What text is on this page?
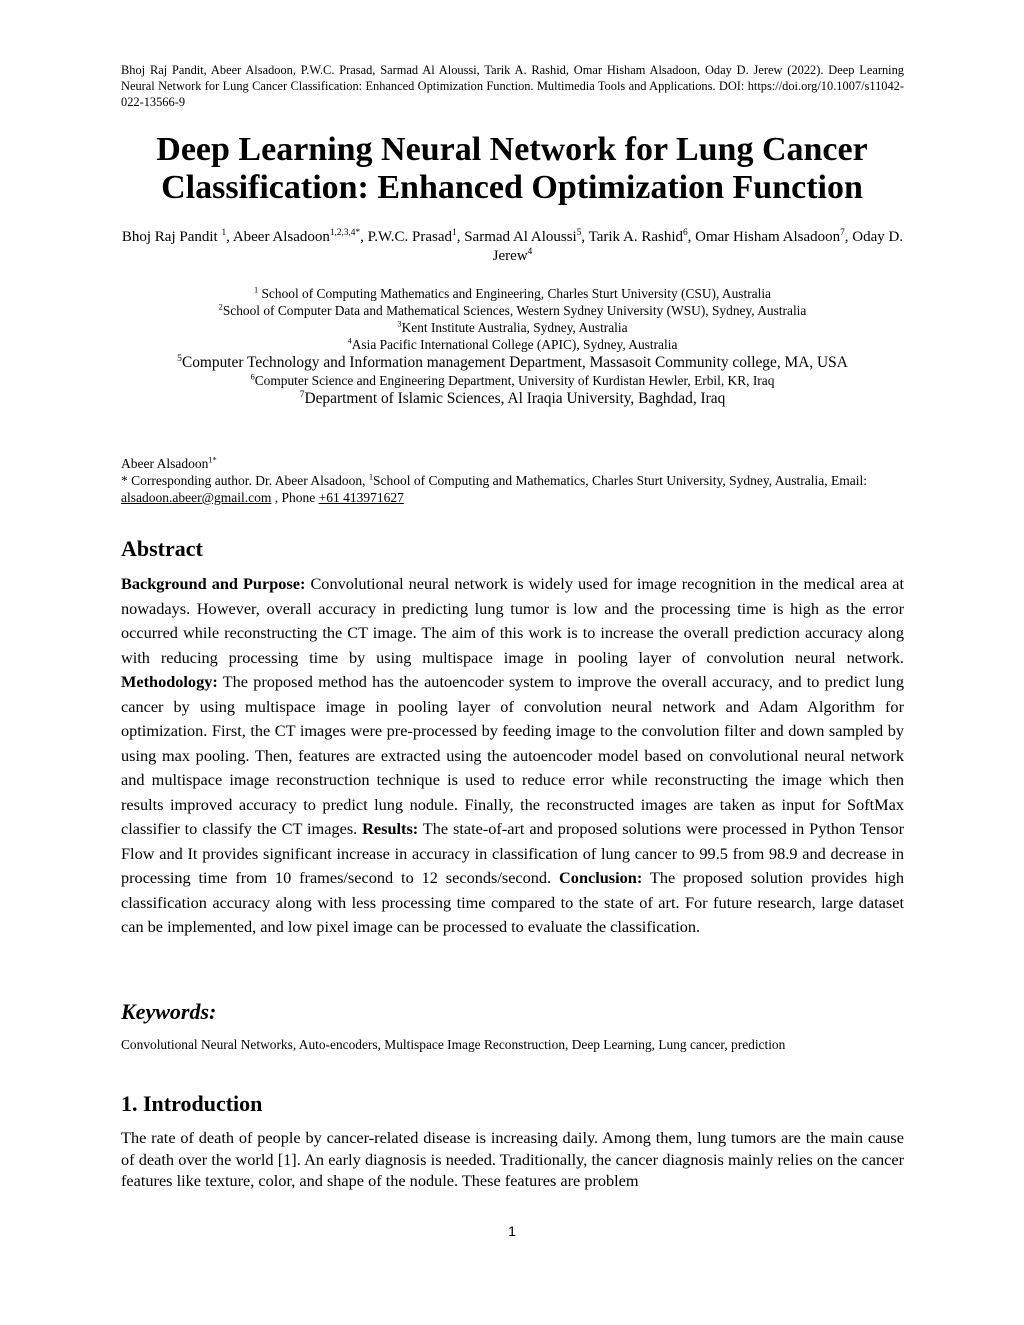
Bhoj Raj Pandit, Abeer Alsadoon, P.W.C. Prasad, Sarmad Al Aloussi, Tarik A. Rashid, Omar Hisham Alsadoon, Oday D. Jerew (2022). Deep Learning Neural Network for Lung Cancer Classification: Enhanced Optimization Function. Multimedia Tools and Applications. DOI: https://doi.org/10.1007/s11042-022-13566-9
Deep Learning Neural Network for Lung Cancer Classification: Enhanced Optimization Function
Bhoj Raj Pandit $^1$, Abeer Alsadoon$^{1,2,3,4*}$, P.W.C. Prasad$^1$, Sarmad Al Aloussi$^5$, Tarik A. Rashid$^6$, Omar Hisham Alsadoon$^7$, Oday D. Jerew$^4$
$^1$ School of Computing Mathematics and Engineering, Charles Sturt University (CSU), Australia
$^2$School of Computer Data and Mathematical Sciences, Western Sydney University (WSU), Sydney, Australia
$^3$Kent Institute Australia, Sydney, Australia
$^4$Asia Pacific International College (APIC), Sydney, Australia
$^5$Computer Technology and Information management Department, Massasoit Community college, MA, USA
$^6$Computer Science and Engineering Department, University of Kurdistan Hewler, Erbil, KR, Iraq
$^7$Department of Islamic Sciences, Al Iraqia University, Baghdad, Iraq
Abeer Alsadoon$^{1*}$
* Corresponding author. Dr. Abeer Alsadoon, $^1$School of Computing and Mathematics, Charles Sturt University, Sydney, Australia, Email: alsadoon.abeer@gmail.com , Phone +61 413971627
Abstract

Background and Purpose: Convolutional neural network is widely used for image recognition in the medical area at nowadays. However, overall accuracy in predicting lung tumor is low and the processing time is high as the error occurred while reconstructing the CT image. The aim of this work is to increase the overall prediction accuracy along with reducing processing time by using multispace image in pooling layer of convolution neural network. Methodology: The proposed method has the autoencoder system to improve the overall accuracy, and to predict lung cancer by using multispace image in pooling layer of convolution neural network and Adam Algorithm for optimization. First, the CT images were pre-processed by feeding image to the convolution filter and down sampled by using max pooling. Then, features are extracted using the autoencoder model based on convolutional neural network and multispace image reconstruction technique is used to reduce error while reconstructing the image which then results improved accuracy to predict lung nodule. Finally, the reconstructed images are taken as input for SoftMax classifier to classify the CT images. Results: The state-of-art and proposed solutions were processed in Python Tensor Flow and It provides significant increase in accuracy in classification of lung cancer to 99.5 from 98.9 and decrease in processing time from 10 frames/second to 12 seconds/second. Conclusion: The proposed solution provides high classification accuracy along with less processing time compared to the state of art. For future research, large dataset can be implemented, and low pixel image can be processed to evaluate the classification.

Keywords:

Convolutional Neural Networks, Auto-encoders, Multispace Image Reconstruction, Deep Learning, Lung cancer, prediction

1. Introduction

The rate of death of people by cancer-related disease is increasing daily. Among them, lung tumors are the main cause of death over the world [1]. An early diagnosis is needed. Traditionally, the cancer diagnosis mainly relies on the cancer features like texture, color, and shape of the nodule. These features are problem

1
